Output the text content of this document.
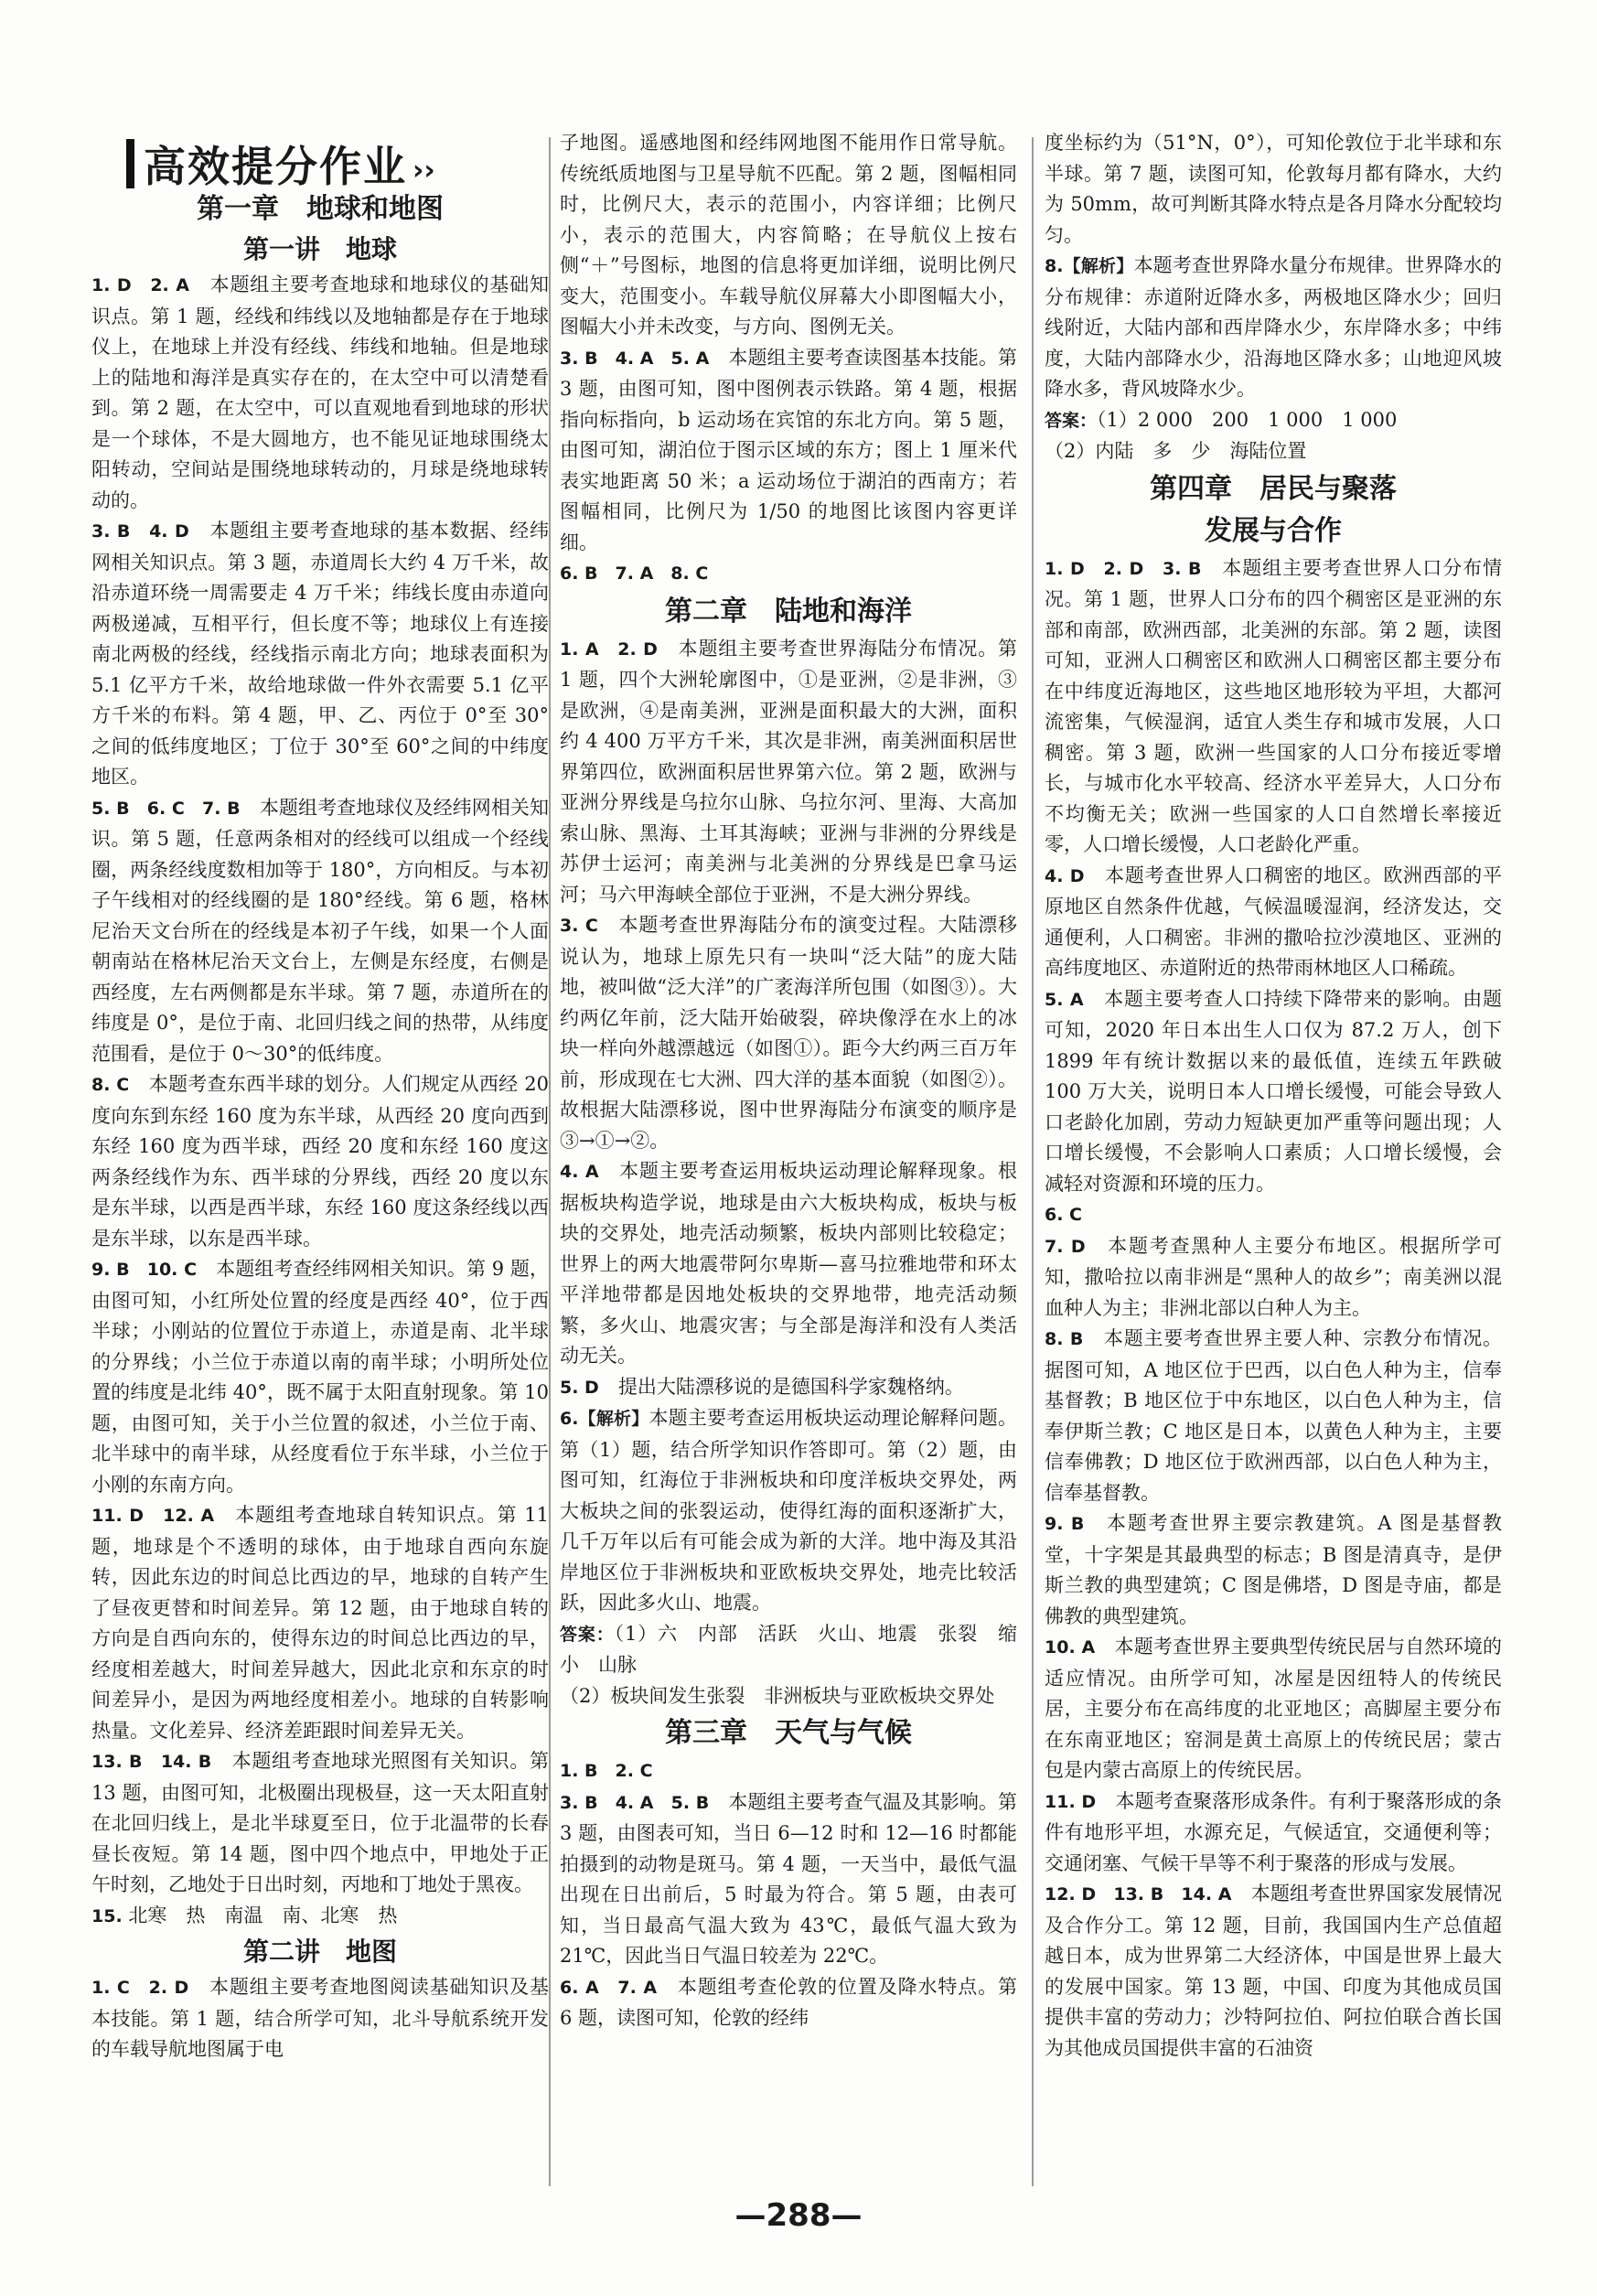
高效提分作业 ››
第一章　地球和地图
第一讲　地球

1. D　2. A　本题组主要考查地球和地球仪的基础知识点。第 1 题，经线和纬线以及地轴都是存在于地球仪上，在地球上并没有经线、纬线和地轴。但是地球上的陆地和海洋是真实存在的，在太空中可以清楚看到。第 2 题，在太空中，可以直观地看到地球的形状是一个球体，不是大圆地方，也不能见证地球围绕太阳转动，空间站是围绕地球转动的，月球是绕地球转动的。

3. B　4. D　本题组主要考查地球的基本数据、经纬网相关知识点。第 3 题，赤道周长大约 4 万千米，故沿赤道环绕一周需要走 4 万千米；纬线长度由赤道向两极递减，互相平行，但长度不等；地球仪上有连接南北两极的经线，经线指示南北方向；地球表面积为 5.1 亿平方千米，故给地球做一件外衣需要 5.1 亿平方千米的布料。第 4 题，甲、乙、丙位于 0°至 30°之间的低纬度地区；丁位于 30°至 60°之间的中纬度地区。

5. B　6. C　7. B　本题组考查地球仪及经纬网相关知识。第 5 题，任意两条相对的经线可以组成一个经线圈，两条经线度数相加等于 180°，方向相反。与本初子午线相对的经线圈的是 180°经线。第 6 题，格林尼治天文台所在的经线是本初子午线，如果一个人面朝南站在格林尼治天文台上，左侧是东经度，右侧是西经度，左右两侧都是东半球。第 7 题，赤道所在的纬度是 0°，是位于南、北回归线之间的热带，从纬度范围看，是位于 0～30°的低纬度。

8. C　本题考查东西半球的划分。人们规定从西经 20 度向东到东经 160 度为东半球，从西经 20 度向西到东经 160 度为西半球，西经 20 度和东经 160 度这两条经线作为东、西半球的分界线，西经 20 度以东是东半球，以西是西半球，东经 160 度这条经线以西是东半球，以东是西半球。

9. B　10. C　本题组考查经纬网相关知识。第 9 题，由图可知，小红所处位置的经度是西经 40°，位于西半球；小刚站的位置位于赤道上，赤道是南、北半球的分界线；小兰位于赤道以南的南半球；小明所处位置的纬度是北纬 40°，既不属于太阳直射现象。第 10 题，由图可知，关于小兰位置的叙述，小兰位于南、北半球中的南半球，从经度看位于东半球，小兰位于小刚的东南方向。

11. D　12. A　本题组考查地球自转知识点。第 11 题，地球是个不透明的球体，由于地球自西向东旋转，因此东边的时间总比西边的早，地球的自转产生了昼夜更替和时间差异。第 12 题，由于地球自转的方向是自西向东的，使得东边的时间总比西边的早，经度相差越大，时间差异越大，因此北京和东京的时间差异小，是因为两地经度相差小。地球的自转影响热量。文化差异、经济差距跟时间差异无关。

13. B　14. B　本题组考查地球光照图有关知识。第 13 题，由图可知，北极圈出现极昼，这一天太阳直射在北回归线上，是北半球夏至日，位于北温带的长春昼长夜短。第 14 题，图中四个地点中，甲地处于正午时刻，乙地处于日出时刻，丙地和丁地处于黑夜。

15. 北寒　热　南温　南、北寒　热

第二讲　地图

1. C　2. D　本题组主要考查地图阅读基础知识及基本技能。第 1 题，结合所学可知，北斗导航系统开发的车载导航地图属于电

子地图。遥感地图和经纬网地图不能用作日常导航。传统纸质地图与卫星导航不匹配。第 2 题，图幅相同时，比例尺大，表示的范围小，内容详细；比例尺小，表示的范围大，内容简略；在导航仪上按右侧“＋”号图标，地图的信息将更加详细，说明比例尺变大，范围变小。车载导航仪屏幕大小即图幅大小，图幅大小并未改变，与方向、图例无关。

3. B　4. A　5. A　本题组主要考查读图基本技能。第 3 题，由图可知，图中图例表示铁路。第 4 题，根据指向标指向，b 运动场在宾馆的东北方向。第 5 题，由图可知，湖泊位于图示区域的东方；图上 1 厘米代表实地距离 50 米；a 运动场位于湖泊的西南方；若图幅相同，比例尺为 1/50 的地图比该图内容更详细。

6. B　7. A　8. C

第二章　陆地和海洋

1. A　2. D　本题组主要考查世界海陆分布情况。第 1 题，四个大洲轮廓图中，①是亚洲，②是非洲，③是欧洲，④是南美洲，亚洲是面积最大的大洲，面积约 4 400 万平方千米，其次是非洲，南美洲面积居世界第四位，欧洲面积居世界第六位。第 2 题，欧洲与亚洲分界线是乌拉尔山脉、乌拉尔河、里海、大高加索山脉、黑海、土耳其海峡；亚洲与非洲的分界线是苏伊士运河；南美洲与北美洲的分界线是巴拿马运河；马六甲海峡全部位于亚洲，不是大洲分界线。

3. C　本题考查世界海陆分布的演变过程。大陆漂移说认为，地球上原先只有一块叫“泛大陆”的庞大陆地，被叫做“泛大洋”的广袤海洋所包围（如图③）。大约两亿年前，泛大陆开始破裂，碎块像浮在水上的冰块一样向外越漂越远（如图①）。距今大约两三百万年前，形成现在七大洲、四大洋的基本面貌（如图②）。故根据大陆漂移说，图中世界海陆分布演变的顺序是③→①→②。

4. A　本题主要考查运用板块运动理论解释现象。根据板块构造学说，地球是由六大板块构成，板块与板块的交界处，地壳活动频繁，板块内部则比较稳定；世界上的两大地震带阿尔卑斯—喜马拉雅地带和环太平洋地带都是因地处板块的交界地带，地壳活动频繁，多火山、地震灾害；与全部是海洋和没有人类活动无关。

5. D　提出大陆漂移说的是德国科学家魏格纳。

6.【解析】本题主要考查运用板块运动理论解释问题。第（1）题，结合所学知识作答即可。第（2）题，由图可知，红海位于非洲板块和印度洋板块交界处，两大板块之间的张裂运动，使得红海的面积逐渐扩大，几千万年以后有可能会成为新的大洋。地中海及其沿岸地区位于非洲板块和亚欧板块交界处，地壳比较活跃，因此多火山、地震。

答案：（1）六　内部　活跃　火山、地震　张裂　缩小　山脉

（2）板块间发生张裂　非洲板块与亚欧板块交界处

第三章　天气与气候

1. B　2. C

3. B　4. A　5. B　本题组主要考查气温及其影响。第 3 题，由图表可知，当日 6—12 时和 12—16 时都能拍摄到的动物是斑马。第 4 题，一天当中，最低气温出现在日出前后，5 时最为符合。第 5 题，由表可知，当日最高气温大致为 43℃，最低气温大致为 21℃，因此当日气温日较差为 22℃。

6. A　7. A　本题组考查伦敦的位置及降水特点。第 6 题，读图可知，伦敦的经纬

度坐标约为（51°N，0°），可知伦敦位于北半球和东半球。第 7 题，读图可知，伦敦每月都有降水，大约为 50mm，故可判断其降水特点是各月降水分配较均匀。

8.【解析】本题考查世界降水量分布规律。世界降水的分布规律：赤道附近降水多，两极地区降水少；回归线附近，大陆内部和西岸降水少，东岸降水多；中纬度，大陆内部降水少，沿海地区降水多；山地迎风坡降水多，背风坡降水少。

答案：（1）2 000　200　1 000　1 000

（2）内陆　多　少　海陆位置

第四章　居民与聚落
发展与合作

1. D　2. D　3. B　本题组主要考查世界人口分布情况。第 1 题，世界人口分布的四个稠密区是亚洲的东部和南部，欧洲西部，北美洲的东部。第 2 题，读图可知，亚洲人口稠密区和欧洲人口稠密区都主要分布在中纬度近海地区，这些地区地形较为平坦，大都河流密集，气候湿润，适宜人类生存和城市发展，人口稠密。第 3 题，欧洲一些国家的人口分布接近零增长，与城市化水平较高、经济水平差异大，人口分布不均衡无关；欧洲一些国家的人口自然增长率接近零，人口增长缓慢，人口老龄化严重。

4. D　本题考查世界人口稠密的地区。欧洲西部的平原地区自然条件优越，气候温暖湿润，经济发达，交通便利，人口稠密。非洲的撒哈拉沙漠地区、亚洲的高纬度地区、赤道附近的热带雨林地区人口稀疏。

5. A　本题主要考查人口持续下降带来的影响。由题可知，2020 年日本出生人口仅为 87.2 万人，创下 1899 年有统计数据以来的最低值，连续五年跌破 100 万大关，说明日本人口增长缓慢，可能会导致人口老龄化加剧，劳动力短缺更加严重等问题出现；人口增长缓慢，不会影响人口素质；人口增长缓慢，会减轻对资源和环境的压力。

6. C

7. D　本题考查黑种人主要分布地区。根据所学可知，撒哈拉以南非洲是“黑种人的故乡”；南美洲以混血种人为主；非洲北部以白种人为主。

8. B　本题主要考查世界主要人种、宗教分布情况。据图可知，A 地区位于巴西，以白色人种为主，信奉基督教；B 地区位于中东地区，以白色人种为主，信奉伊斯兰教；C 地区是日本，以黄色人种为主，主要信奉佛教；D 地区位于欧洲西部，以白色人种为主，信奉基督教。

9. B　本题考查世界主要宗教建筑。A 图是基督教堂，十字架是其最典型的标志；B 图是清真寺，是伊斯兰教的典型建筑；C 图是佛塔，D 图是寺庙，都是佛教的典型建筑。

10. A　本题考查世界主要典型传统民居与自然环境的适应情况。由所学可知，冰屋是因纽特人的传统民居，主要分布在高纬度的北亚地区；高脚屋主要分布在东南亚地区；窑洞是黄土高原上的传统民居；蒙古包是内蒙古高原上的传统民居。

11. D　本题考查聚落形成条件。有利于聚落形成的条件有地形平坦，水源充足，气候适宜，交通便利等；交通闭塞、气候干旱等不利于聚落的形成与发展。

12. D　13. B　14. A　本题组考查世界国家发展情况及合作分工。第 12 题，目前，我国国内生产总值超越日本，成为世界第二大经济体，中国是世界上最大的发展中国家。第 13 题，中国、印度为其他成员国提供丰富的劳动力；沙特阿拉伯、阿拉伯联合酋长国为其他成员国提供丰富的石油资

—288—
